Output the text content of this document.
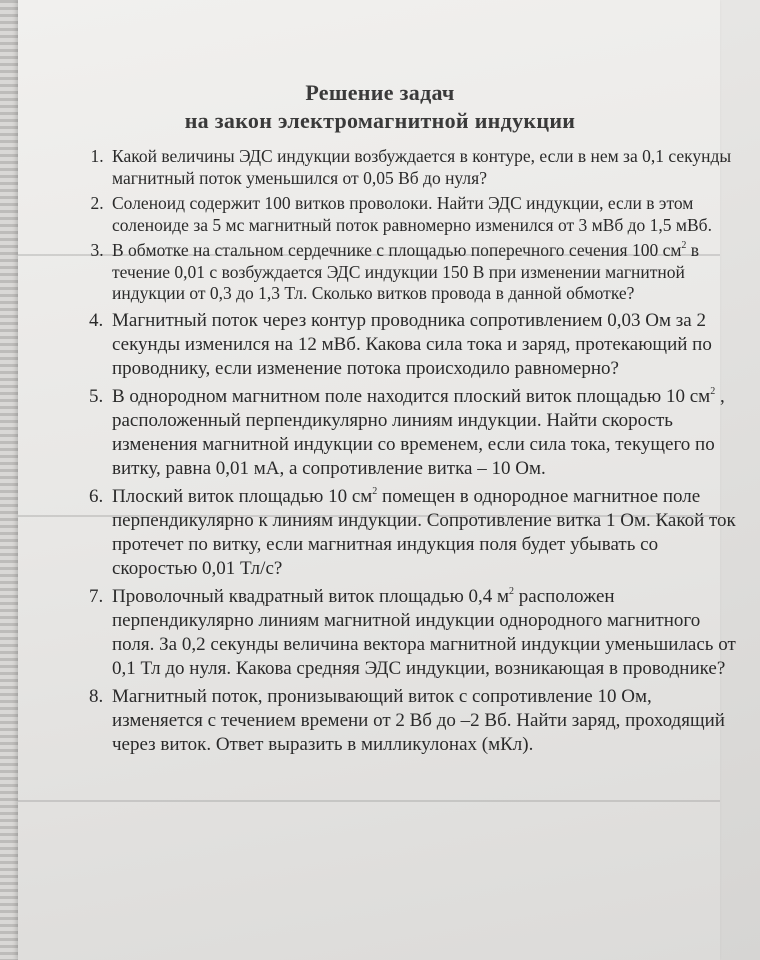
Решение задач
на закон электромагнитной индукции
1. Какой величины ЭДС индукции возбуждается в контуре, если в нем за 0,1 секунды магнитный поток уменьшился от 0,05 Вб до нуля?
2. Соленоид содержит 100 витков проволоки. Найти ЭДС индукции, если в этом соленоиде за 5 мс магнитный поток равномерно изменился от 3 мВб до 1,5 мВб.
3. В обмотке на стальном сердечнике с площадью поперечного сечения 100 $см^2$ в течение 0,01 с возбуждается ЭДС индукции 150 В при изменении магнитной индукции от 0,3 до 1,3 Тл. Сколько витков провода в данной обмотке?
4. Магнитный поток через контур проводника сопротивлением 0,03 Ом за 2 секунды изменился на 12 мВб. Какова сила тока и заряд, протекающий по проводнику, если изменение потока происходило равномерно?
5. В однородном магнитном поле находится плоский виток площадью 10 $см^2$ , расположенный перпендикулярно линиям индукции. Найти скорость изменения магнитной индукции со временем, если сила тока, текущего по витку, равна 0,01 мА, а сопротивление витка – 10 Ом.
6. Плоский виток площадью 10 $см^2$ помещен в однородное магнитное поле перпендикулярно к линиям индукции. Сопротивление витка 1 Ом. Какой ток протечет по витку, если магнитная индукция поля будет убывать со скоростью 0,01 Тл/с?
7. Проволочный квадратный виток площадью 0,4 $м^2$ расположен перпендикулярно линиям магнитной индукции однородного магнитного поля. За 0,2 секунды величина вектора магнитной индукции уменьшилась от 0,1 Тл до нуля. Какова средняя ЭДС индукции, возникающая в проводнике?
8. Магнитный поток, пронизывающий виток с сопротивление 10 Ом, изменяется с течением времени от 2 Вб до –2 Вб. Найти заряд, проходящий через виток. Ответ выразить в милликулонах (мКл).
